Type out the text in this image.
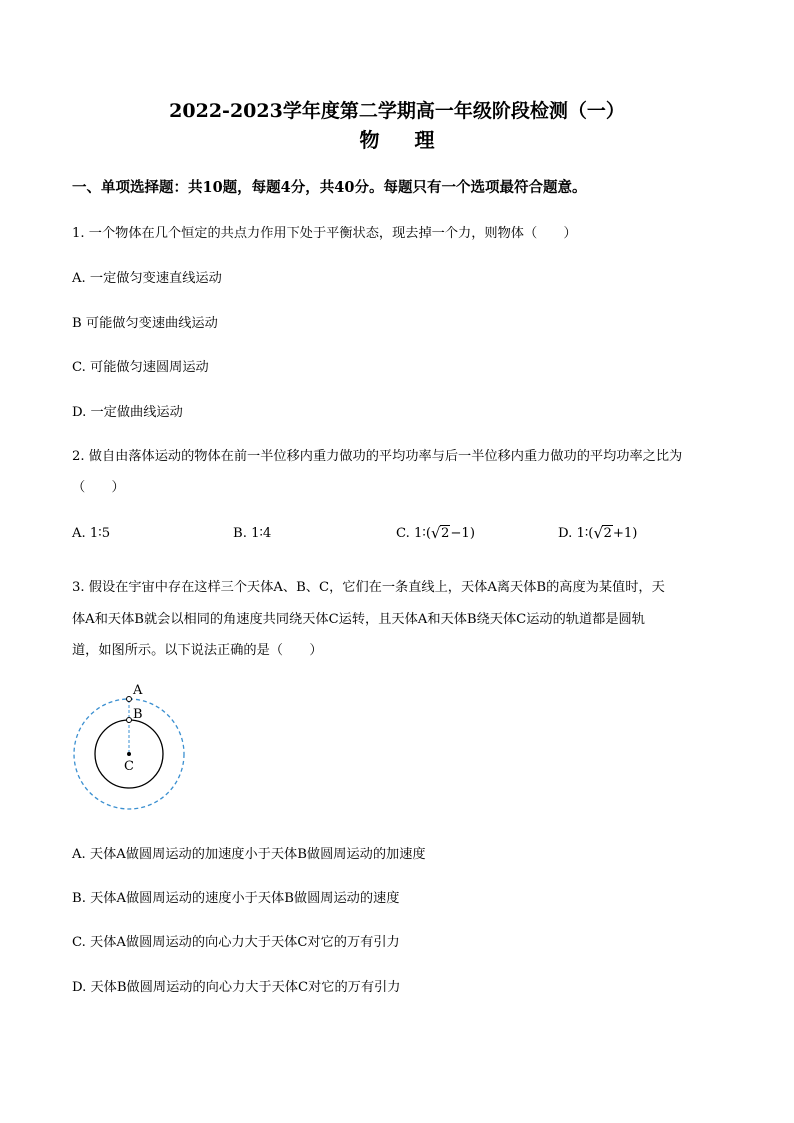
2022-2023学年度第二学期高一年级阶段检测（一）
物 理
一、单项选择题：共10题，每题4分，共40分。每题只有一个选项最符合题意。
1. 一个物体在几个恒定的共点力作用下处于平衡状态，现去掉一个力，则物体（　　）
A. 一定做匀变速直线运动
B 可能做匀变速曲线运动
C. 可能做匀速圆周运动
D. 一定做曲线运动
2. 做自由落体运动的物体在前一半位移内重力做功的平均功率与后一半位移内重力做功的平均功率之比为
（　　）
A. 1∶5	B. 1∶4	C. 1∶( √ 2−1)	D. 1∶( √ 2+1)
3. 假设在宇宙中存在这样三个天体A、B、C，它们在一条直线上，天体A离天体B的高度为某值时，天
体A和天体B就会以相同的角速度共同绕天体C运转，且天体A和天体B绕天体C运动的轨道都是圆轨
道，如图所示。以下说法正确的是（　　）
A
B
C
A. 天体A做圆周运动的加速度小于天体B做圆周运动的加速度
B. 天体A做圆周运动的速度小于天体B做圆周运动的速度
C. 天体A做圆周运动的向心力大于天体C对它的万有引力
D. 天体B做圆周运动的向心力大于天体C对它的万有引力
